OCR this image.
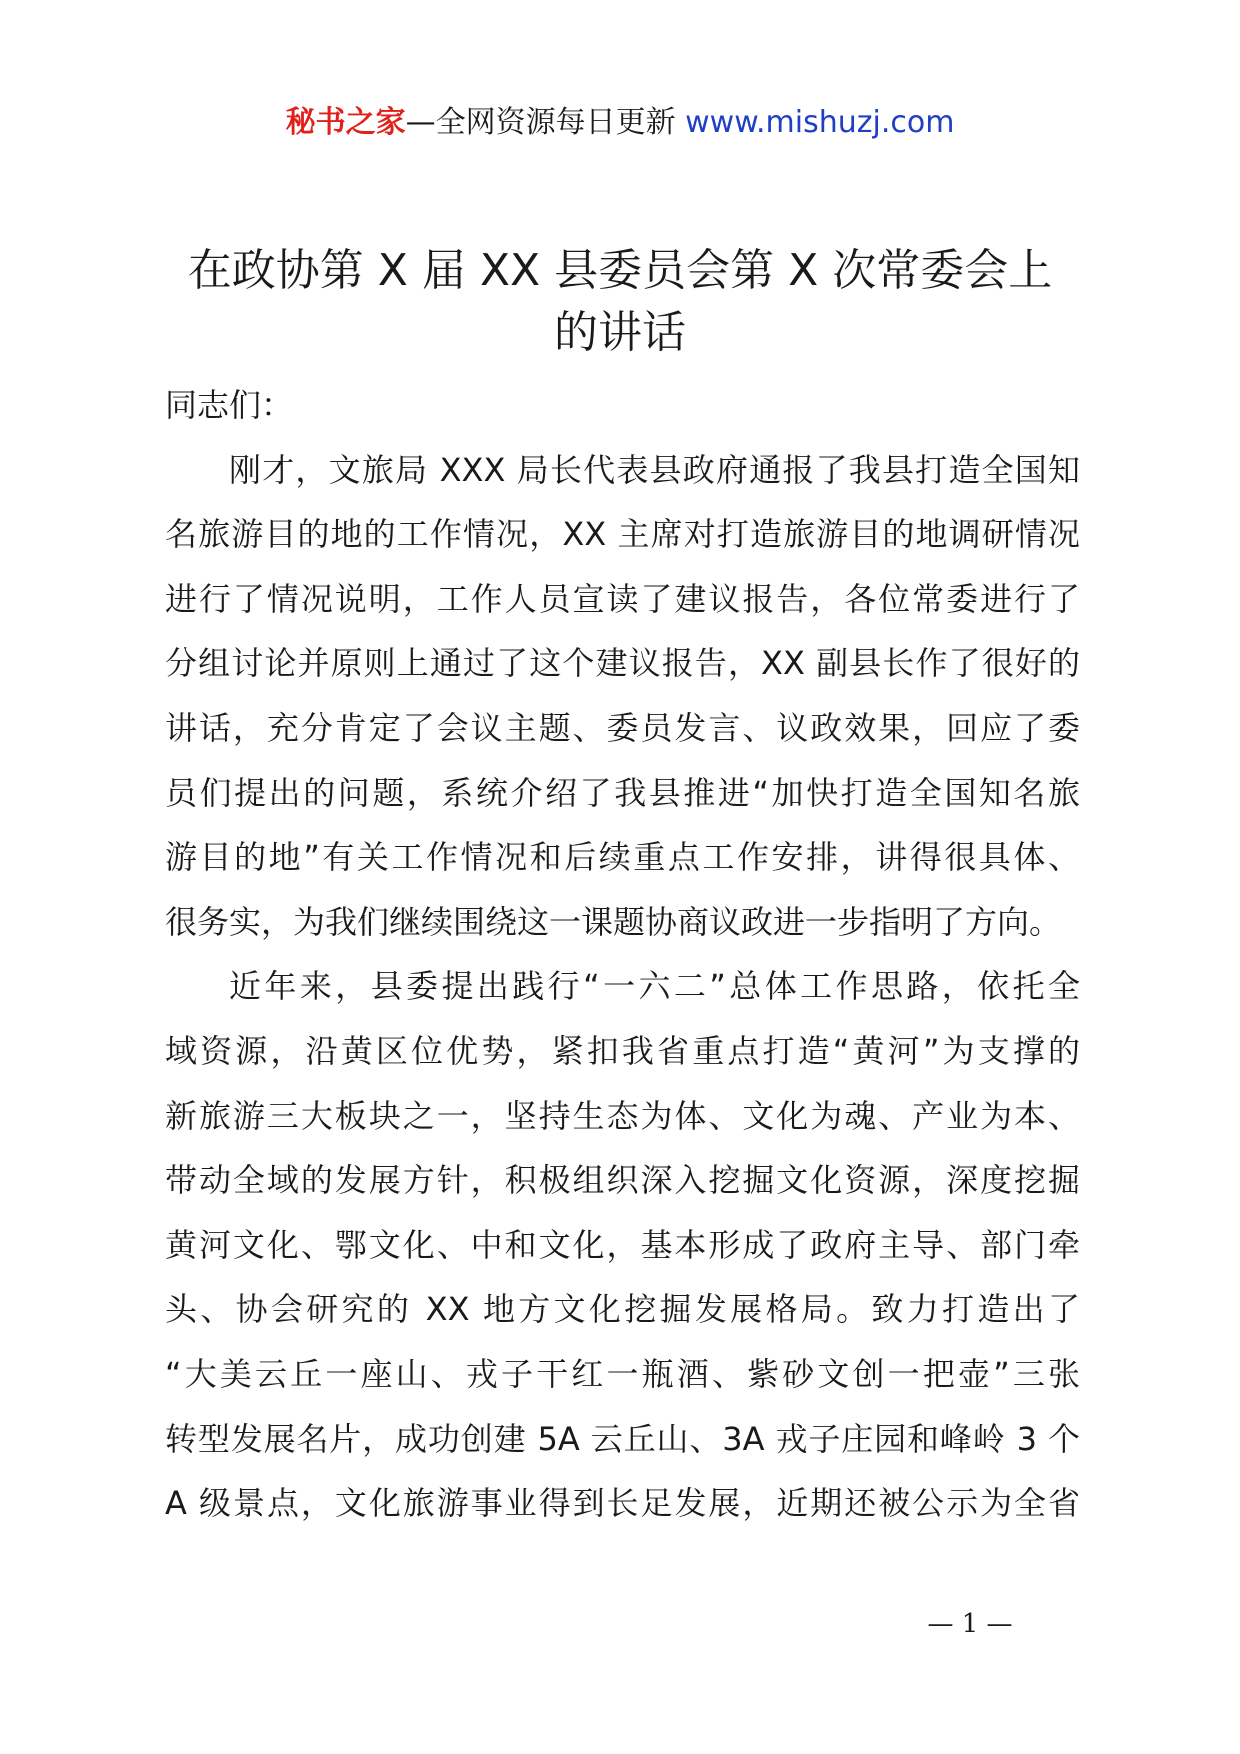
秘书之家—全网资源每日更新 www.mishuzj.com
在政协第 X 届 XX 县委员会第 X 次常委会上
的讲话
同志们：
刚才，文旅局 XXX 局长代表县政府通报了我县打造全国知
名旅游目的地的工作情况，XX 主席对打造旅游目的地调研情况
进行了情况说明，工作人员宣读了建议报告，各位常委进行了
分组讨论并原则上通过了这个建议报告，XX 副县长作了很好的
讲话，充分肯定了会议主题、委员发言、议政效果，回应了委
员们提出的问题，系统介绍了我县推进“加快打造全国知名旅
游目的地”有关工作情况和后续重点工作安排，讲得很具体、
很务实，为我们继续围绕这一课题协商议政进一步指明了方向。
近年来，县委提出践行“一六二”总体工作思路，依托全
域资源，沿黄区位优势，紧扣我省重点打造“黄河”为支撑的
新旅游三大板块之一，坚持生态为体、文化为魂、产业为本、
带动全域的发展方针，积极组织深入挖掘文化资源，深度挖掘
黄河文化、鄂文化、中和文化，基本形成了政府主导、部门牵
头、协会研究的 XX 地方文化挖掘发展格局。致力打造出了
“大美云丘一座山、戎子干红一瓶酒、紫砂文创一把壶”三张
转型发展名片，成功创建 5A 云丘山、3A 戎子庄园和峰岭 3 个
A 级景点，文化旅游事业得到长足发展，近期还被公示为全省
— 1 —
